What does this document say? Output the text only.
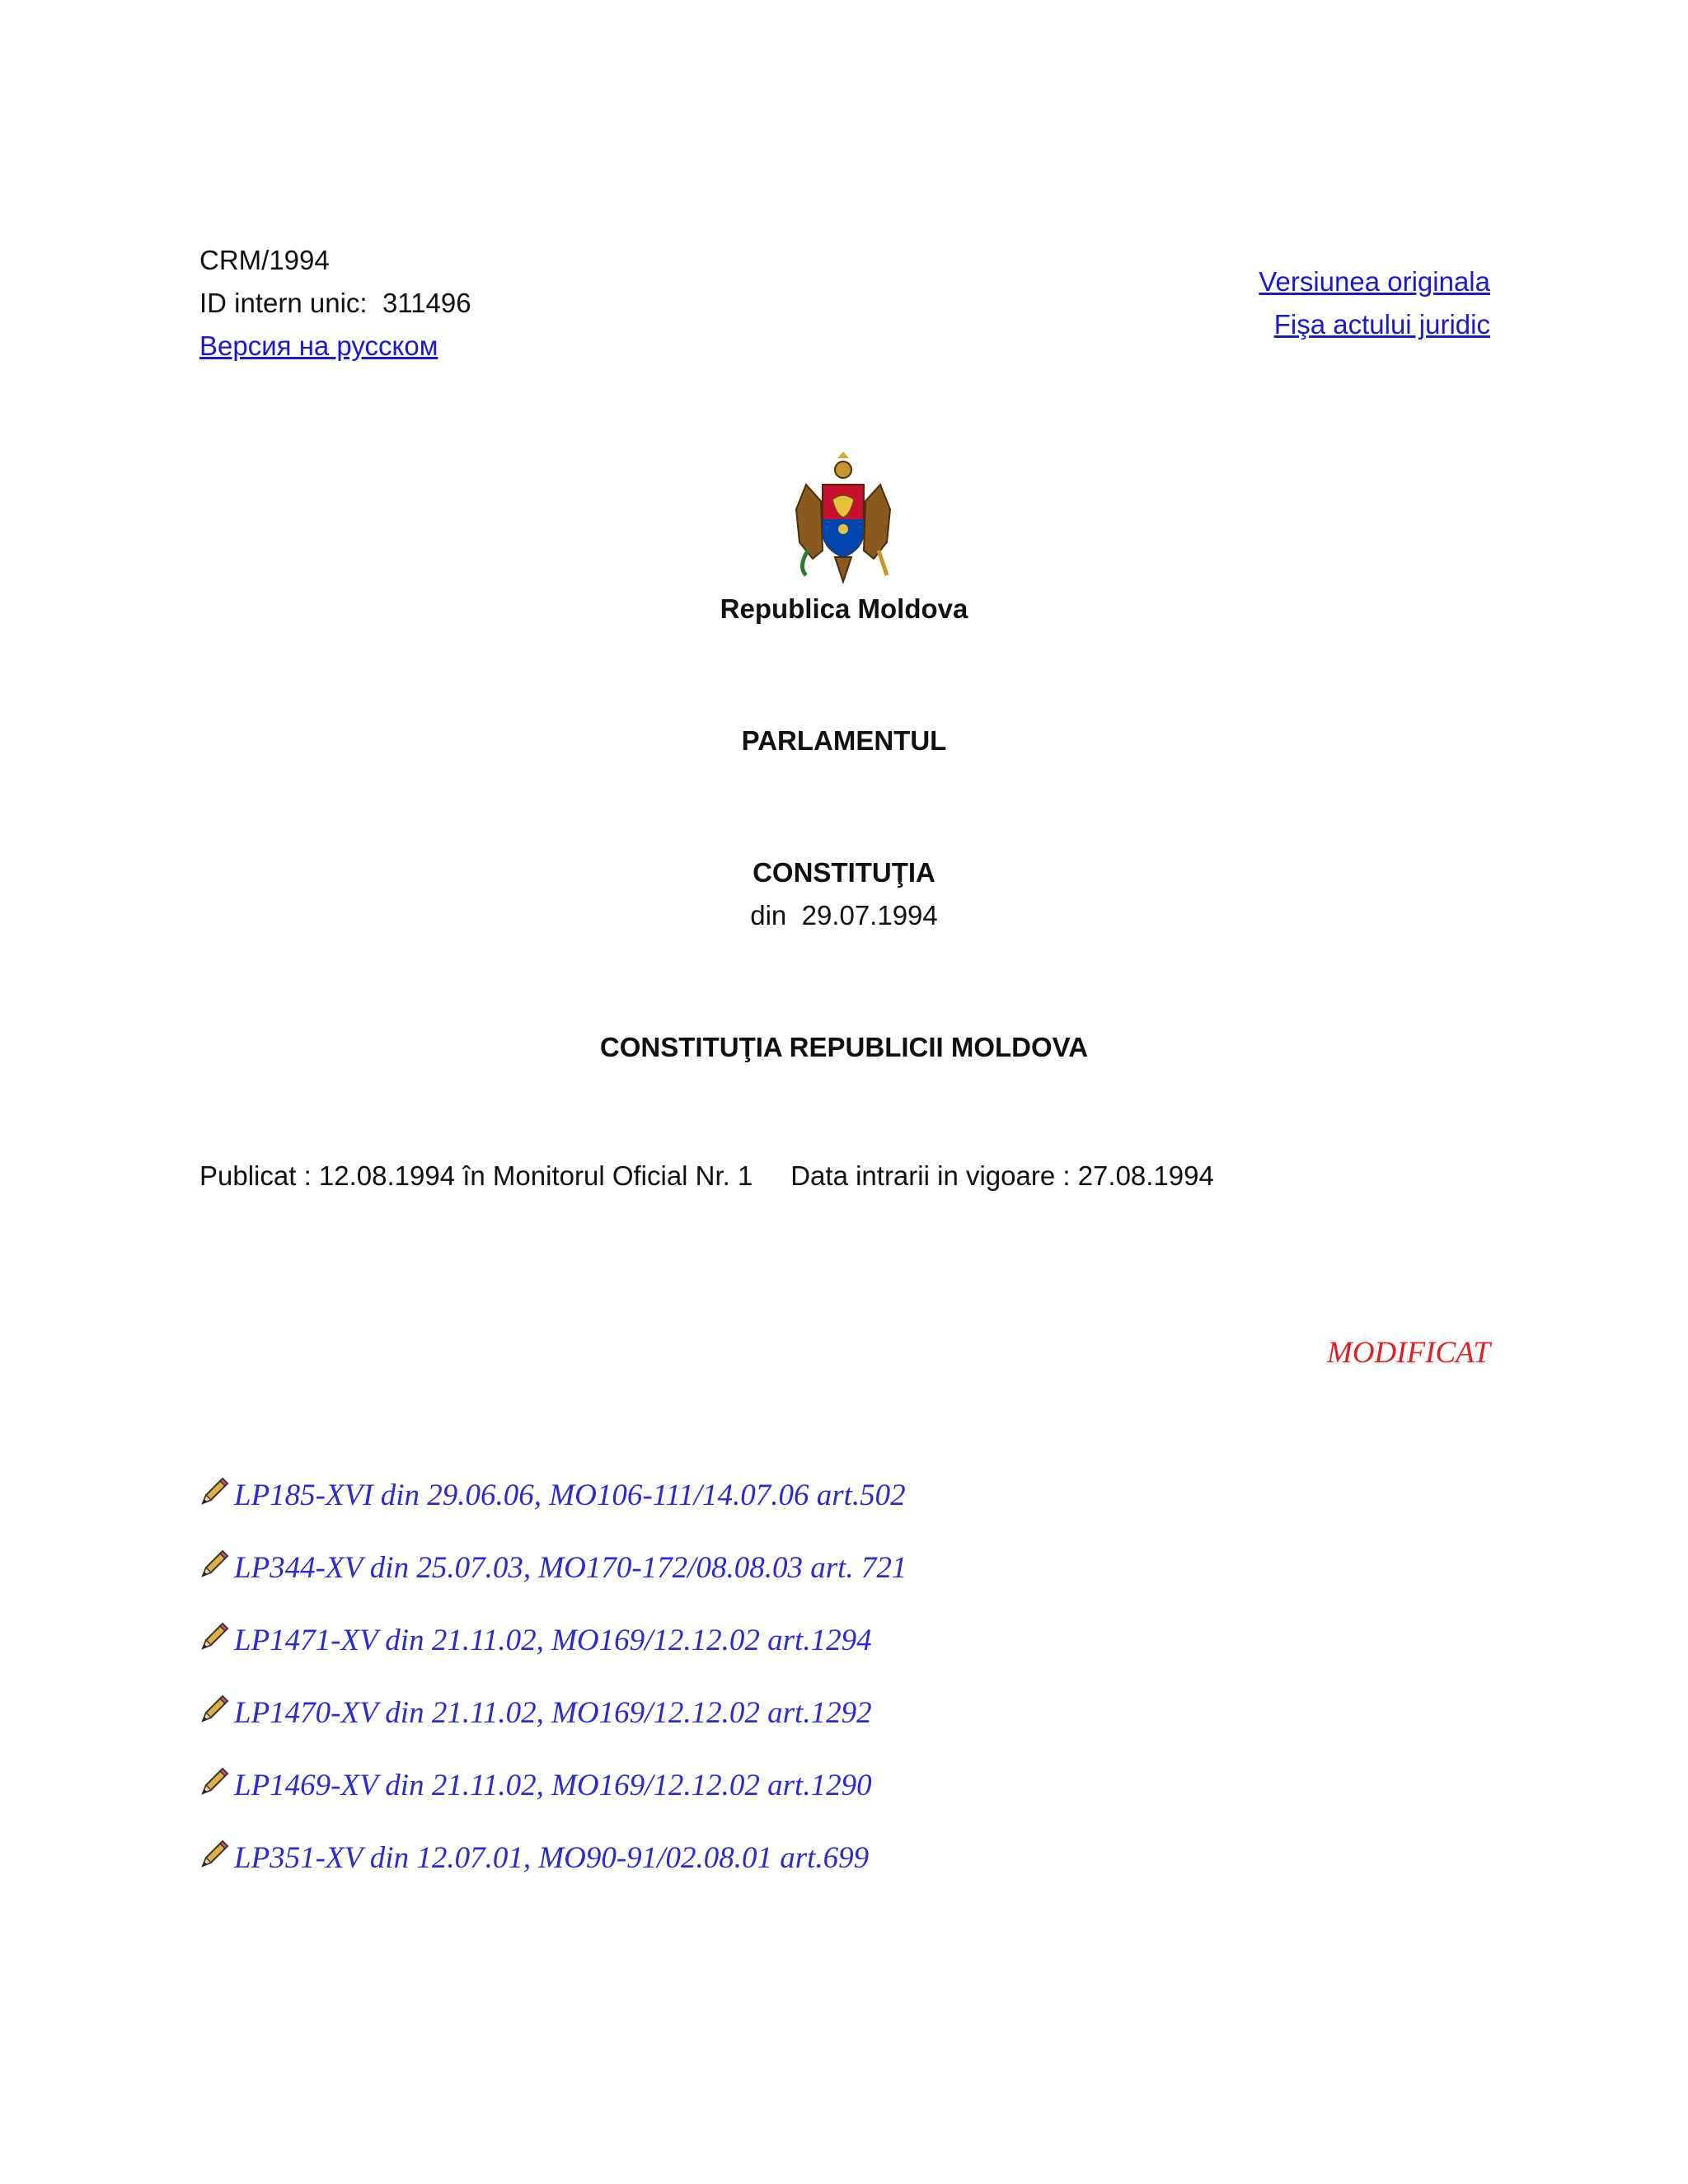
CRM/1994
ID intern unic: 311496
Версия на русском
Versiunea originala
Fişa actului juridic
Republica Moldova
PARLAMENTUL
CONSTITUŢIA
din  29.07.1994
CONSTITUŢIA REPUBLICII MOLDOVA
Publicat : 12.08.1994 în Monitorul Oficial Nr. 1 Data intrarii in vigoare : 27.08.1994
MODIFICAT
LP185-XVI din 29.06.06, MO106-111/14.07.06 art.502
LP344-XV din 25.07.03, MO170-172/08.08.03 art. 721
LP1471-XV din 21.11.02, MO169/12.12.02 art.1294
LP1470-XV din 21.11.02, MO169/12.12.02 art.1292
LP1469-XV din 21.11.02, MO169/12.12.02 art.1290
LP351-XV din 12.07.01, MO90-91/02.08.01 art.699
